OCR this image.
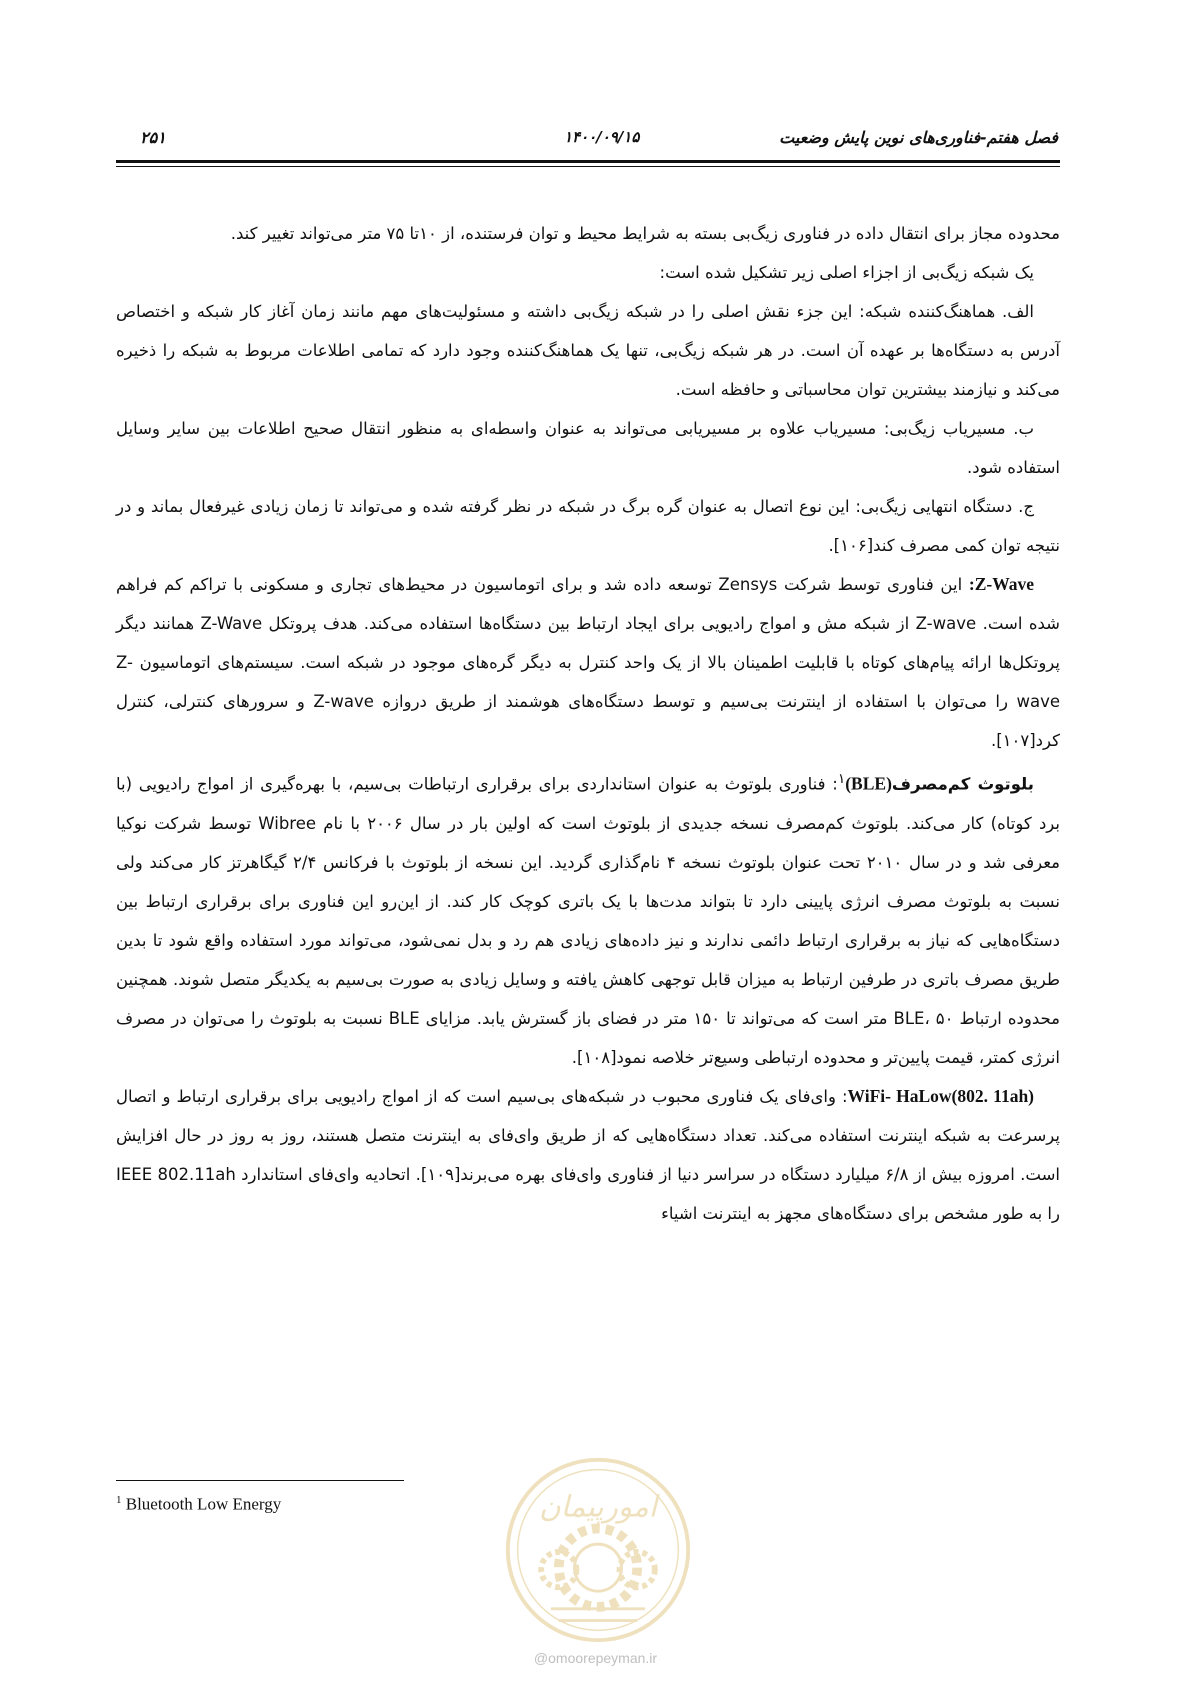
فصل هفتم-فناوری‌های نوین پایش وضعیت
۱۴۰۰/۰۹/۱۵
۲۵۱

محدوده مجاز برای انتقال داده در فناوری زیگ‌بی بسته به شرایط محیط و توان فرستنده، از ۱۰تا ۷۵ متر می‌تواند تغییر کند.

یک شبکه زیگ‌بی از اجزاء اصلی زیر تشکیل شده است:

الف. هماهنگ‌کننده شبکه: این جزء نقش اصلی را در شبکه زیگ‌بی داشته و مسئولیت‌های مهم مانند زمان آغاز کار شبکه و اختصاص آدرس به دستگاه‌ها بر عهده آن است. در هر شبکه زیگ‌بی، تنها یک هماهنگ‌کننده وجود دارد که تمامی اطلاعات مربوط به شبکه را ذخیره می‌کند و نیازمند بیشترین توان محاسباتی و حافظه است.

ب. مسیریاب زیگ‌بی: مسیریاب علاوه بر مسیریابی می‌تواند به عنوان واسطه‌ای به منظور انتقال صحیح اطلاعات بین سایر وسایل استفاده شود.

ج. دستگاه انتهایی زیگ‌بی: این نوع اتصال به عنوان گره برگ در شبکه در نظر گرفته شده و می‌تواند تا زمان زیادی غیرفعال بماند و در نتیجه توان کمی مصرف کند[۱۰۶].

Z-Wave: این فناوری توسط شرکت Zensys توسعه داده شد و برای اتوماسیون در محیط‌های تجاری و مسکونی با تراکم کم فراهم شده است. Z-wave از شبکه مش و امواج رادیویی برای ایجاد ارتباط بین دستگاه‌ها استفاده می‌کند. هدف پروتکل Z-Wave همانند دیگر پروتکل‌ها ارائه پیام‌های کوتاه با قابلیت اطمینان بالا از یک واحد کنترل به دیگر گره‌های موجود در شبکه است. سیستم‌های اتوماسیون Z-wave را می‌توان با استفاده از اینترنت بی‌سیم و توسط دستگاه‌های هوشمند از طریق دروازه Z-wave و سرورهای کنترلی، کنترل کرد[۱۰۷].

بلوتوث کم‌مصرف$^۱$(BLE): فناوری بلوتوث به عنوان استانداردی برای برقراری ارتباطات بی‌سیم، با بهره‌گیری از امواج رادیویی (با برد کوتاه) کار می‌کند. بلوتوث کم‌مصرف نسخه جدیدی از بلوتوث است که اولین بار در سال ۲۰۰۶ با نام Wibree توسط شرکت نوکیا معرفی شد و در سال ۲۰۱۰ تحت عنوان بلوتوث نسخه ۴ نام‌گذاری گردید. این نسخه از بلوتوث با فرکانس ۲/۴ گیگاهرتز کار می‌کند ولی نسبت به بلوتوث مصرف انرژی پایینی دارد تا بتواند مدت‌ها با یک باتری کوچک کار کند. از این‌رو این فناوری برای برقراری ارتباط بین دستگاه‌هایی که نیاز به برقراری ارتباط دائمی ندارند و نیز داده‌های زیادی هم رد و بدل نمی‌شود، می‌تواند مورد استفاده واقع شود تا بدین طریق مصرف باتری در طرفین ارتباط به میزان قابل توجهی کاهش یافته و وسایل زیادی به صورت بی‌سیم به یکدیگر متصل شوند. همچنین محدوده ارتباط BLE، ۵۰ متر است که می‌تواند تا ۱۵۰ متر در فضای باز گسترش یابد. مزایای BLE نسبت به بلوتوث را می‌توان در مصرف انرژی کمتر، قیمت پایین‌تر و محدوده ارتباطی وسیع‌تر خلاصه نمود[۱۰۸].

WiFi- HaLow(802. 11ah): وای‌فای یک فناوری محبوب در شبکه‌های بی‌سیم است که از امواج رادیویی برای برقراری ارتباط و اتصال پرسرعت به شبکه اینترنت استفاده می‌کند. تعداد دستگاه‌هایی که از طریق وای‌فای به اینترنت متصل هستند، روز به روز در حال افزایش است. امروزه بیش از ۶/۸ میلیارد دستگاه در سراسر دنیا از فناوری وای‌فای بهره می‌برند[۱۰۹]. اتحادیه وای‌فای استاندارد IEEE 802.11ah را به طور مشخص برای دستگاه‌های مجهز به اینترنت اشیاء

$^1$ Bluetooth Low Energy	امورپیمان
@omoorepeyman.ir
